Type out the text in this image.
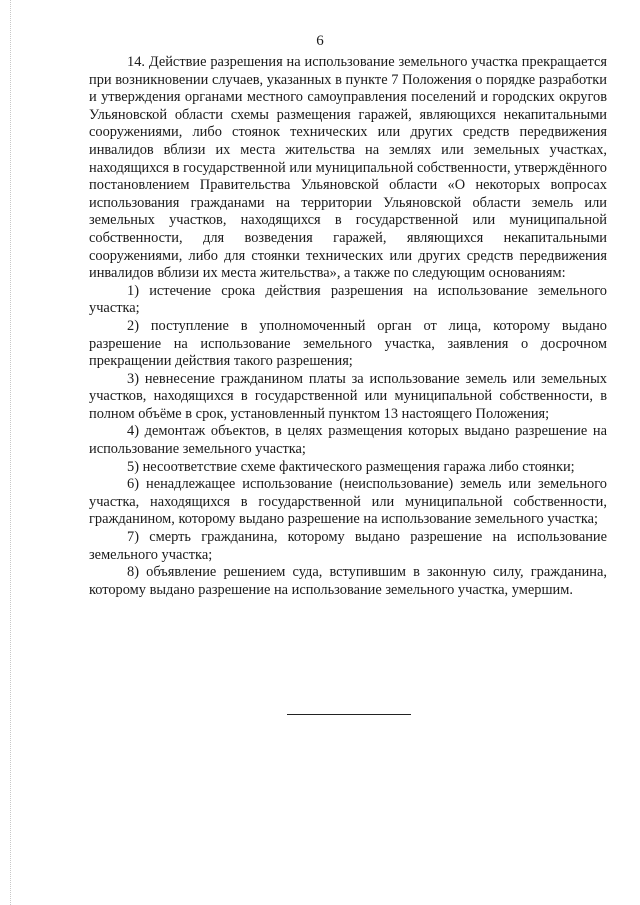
6

14. Действие разрешения на использование земельного участка прекращается при возникновении случаев, указанных в пункте 7 Положения о порядке разработки и утверждения органами местного самоуправления поселений и городских округов Ульяновской области схемы размещения гаражей, являющихся некапитальными сооружениями, либо стоянок технических или других средств передвижения инвалидов вблизи их места жительства на землях или земельных участках, находящихся в государственной или муниципальной собственности, утверждённого постановлением Правительства Ульяновской области «О некоторых вопросах использования гражданами на территории Ульяновской области земель или земельных участков, находящихся в государственной или муниципальной собственности, для возведения гаражей, являющихся некапитальными сооружениями, либо для стоянки технических или других средств передвижения инвалидов вблизи их места жительства», а также по следующим основаниям:

1) истечение срока действия разрешения на использование земельного участка;

2) поступление в уполномоченный орган от лица, которому выдано разрешение на использование земельного участка, заявления о досрочном прекращении действия такого разрешения;

3) невнесение гражданином платы за использование земель или земельных участков, находящихся в государственной или муниципальной собственности, в полном объёме в срок, установленный пунктом 13 настоящего Положения;

4) демонтаж объектов, в целях размещения которых выдано разрешение на использование земельного участка;

5) несоответствие схеме фактического размещения гаража либо стоянки;

6) ненадлежащее использование (неиспользование) земель или земельного участка, находящихся в государственной или муниципальной собственности, гражданином, которому выдано разрешение на использование земельного участка;

7) смерть гражданина, которому выдано разрешение на использование земельного участка;

8) объявление решением суда, вступившим в законную силу, гражданина, которому выдано разрешение на использование земельного участка, умершим.
